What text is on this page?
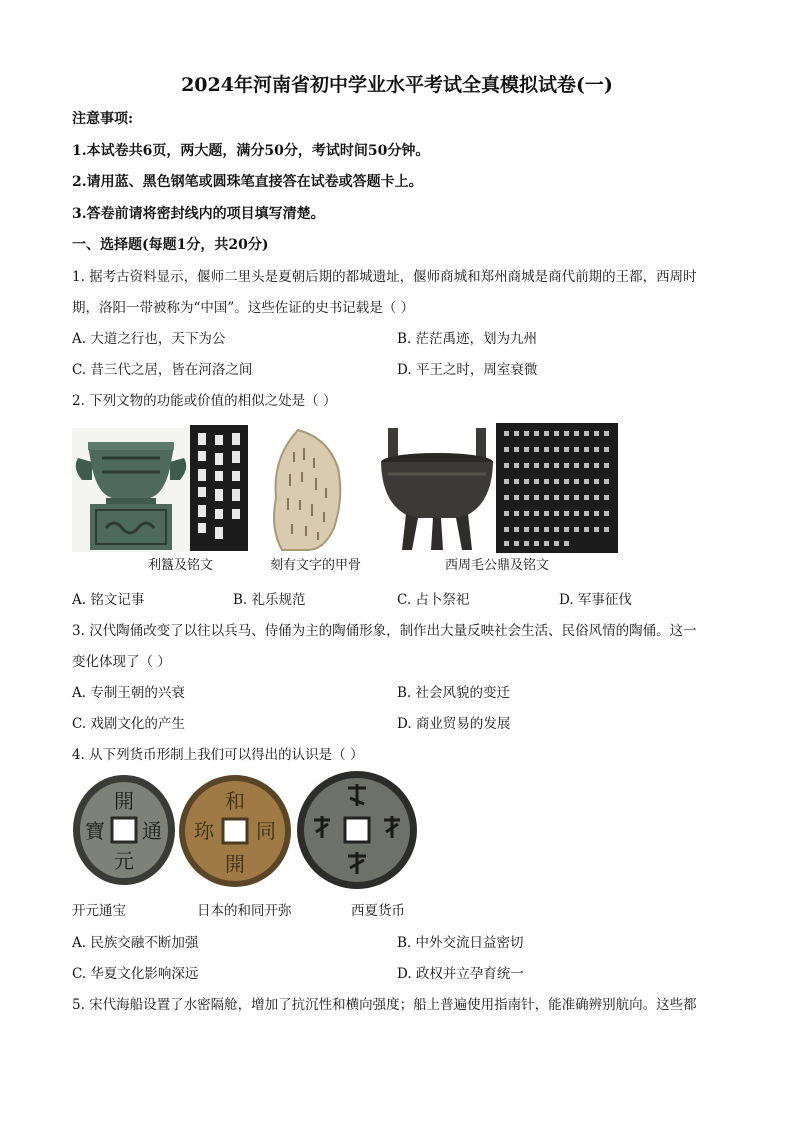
2024年河南省初中学业水平考试全真模拟试卷(一)
注意事项:
1.本试卷共6页，两大题，满分50分，考试时间50分钟。
2.请用蓝、黑色钢笔或圆珠笔直接答在试卷或答题卡上。
3.答卷前请将密封线内的项目填写清楚。
一、选择题(每题1分，共20分)
1. 据考古资料显示，偃师二里头是夏朝后期的都城遗址，偃师商城和郑州商城是商代前期的王都，西周时
期，洛阳一带被称为“中国”。这些佐证的史书记载是（ ）
A. 大道之行也，天下为公	B. 茫茫禹迹，划为九州
C. 昔三代之居，皆在河洛之间	D. 平王之时，周室衰微
2. 下列文物的功能或价值的相似之处是（ ）
利簋及铭文	刻有文字的甲骨	西周毛公鼎及铭文
A. 铭文记事	B. 礼乐规范	C. 占卜祭祀	D. 军事征伐
3. 汉代陶俑改变了以往以兵马、侍俑为主的陶俑形象，制作出大量反映社会生活、民俗风情的陶俑。这一
变化体现了（ ）
A. 专制王朝的兴衰	B. 社会风貌的变迁
C. 戏剧文化的产生	D. 商业贸易的发展
4. 从下列货币形制上我们可以得出的认识是（ ）
開
通
元
寶
和
同
開
珎
开元通宝	日本的和同开弥	西夏货币
A. 民族交融不断加强	B. 中外交流日益密切
C. 华夏文化影响深远	D. 政权并立孕育统一
5. 宋代海船设置了水密隔舱，增加了抗沉性和横向强度；船上普遍使用指南针，能准确辨别航向。这些都
